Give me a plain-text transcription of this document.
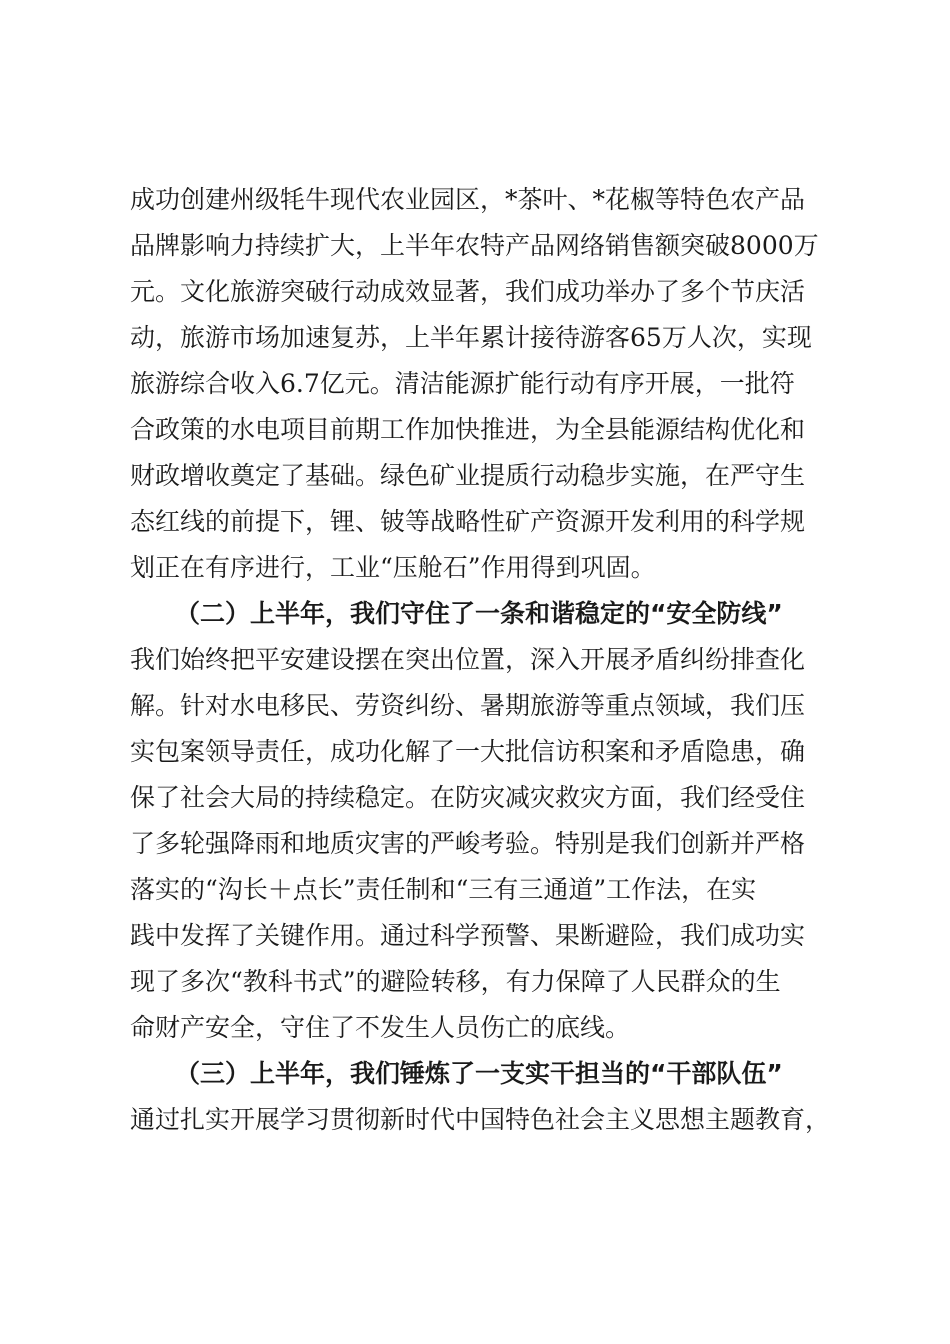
成功创建州级牦牛现代农业园区，*茶叶、*花椒等特色农产品
品牌影响力持续扩大，上半年农特产品网络销售额突破8000万
元。文化旅游突破行动成效显著，我们成功举办了多个节庆活
动，旅游市场加速复苏，上半年累计接待游客65万人次，实现
旅游综合收入6.7亿元。清洁能源扩能行动有序开展，一批符
合政策的水电项目前期工作加快推进，为全县能源结构优化和
财政增收奠定了基础。绿色矿业提质行动稳步实施，在严守生
态红线的前提下，锂、铍等战略性矿产资源开发利用的科学规
划正在有序进行，工业“压舱石”作用得到巩固。
（二）上半年，我们守住了一条和谐稳定的“安全防线”
我们始终把平安建设摆在突出位置，深入开展矛盾纠纷排查化
解。针对水电移民、劳资纠纷、暑期旅游等重点领域，我们压
实包案领导责任，成功化解了一大批信访积案和矛盾隐患，确
保了社会大局的持续稳定。在防灾减灾救灾方面，我们经受住
了多轮强降雨和地质灾害的严峻考验。特别是我们创新并严格
落实的“沟长＋点长”责任制和“三有三通道”工作法，在实
践中发挥了关键作用。通过科学预警、果断避险，我们成功实
现了多次“教科书式”的避险转移，有力保障了人民群众的生
命财产安全，守住了不发生人员伤亡的底线。
（三）上半年，我们锤炼了一支实干担当的“干部队伍”
通过扎实开展学习贯彻新时代中国特色社会主义思想主题教育，
